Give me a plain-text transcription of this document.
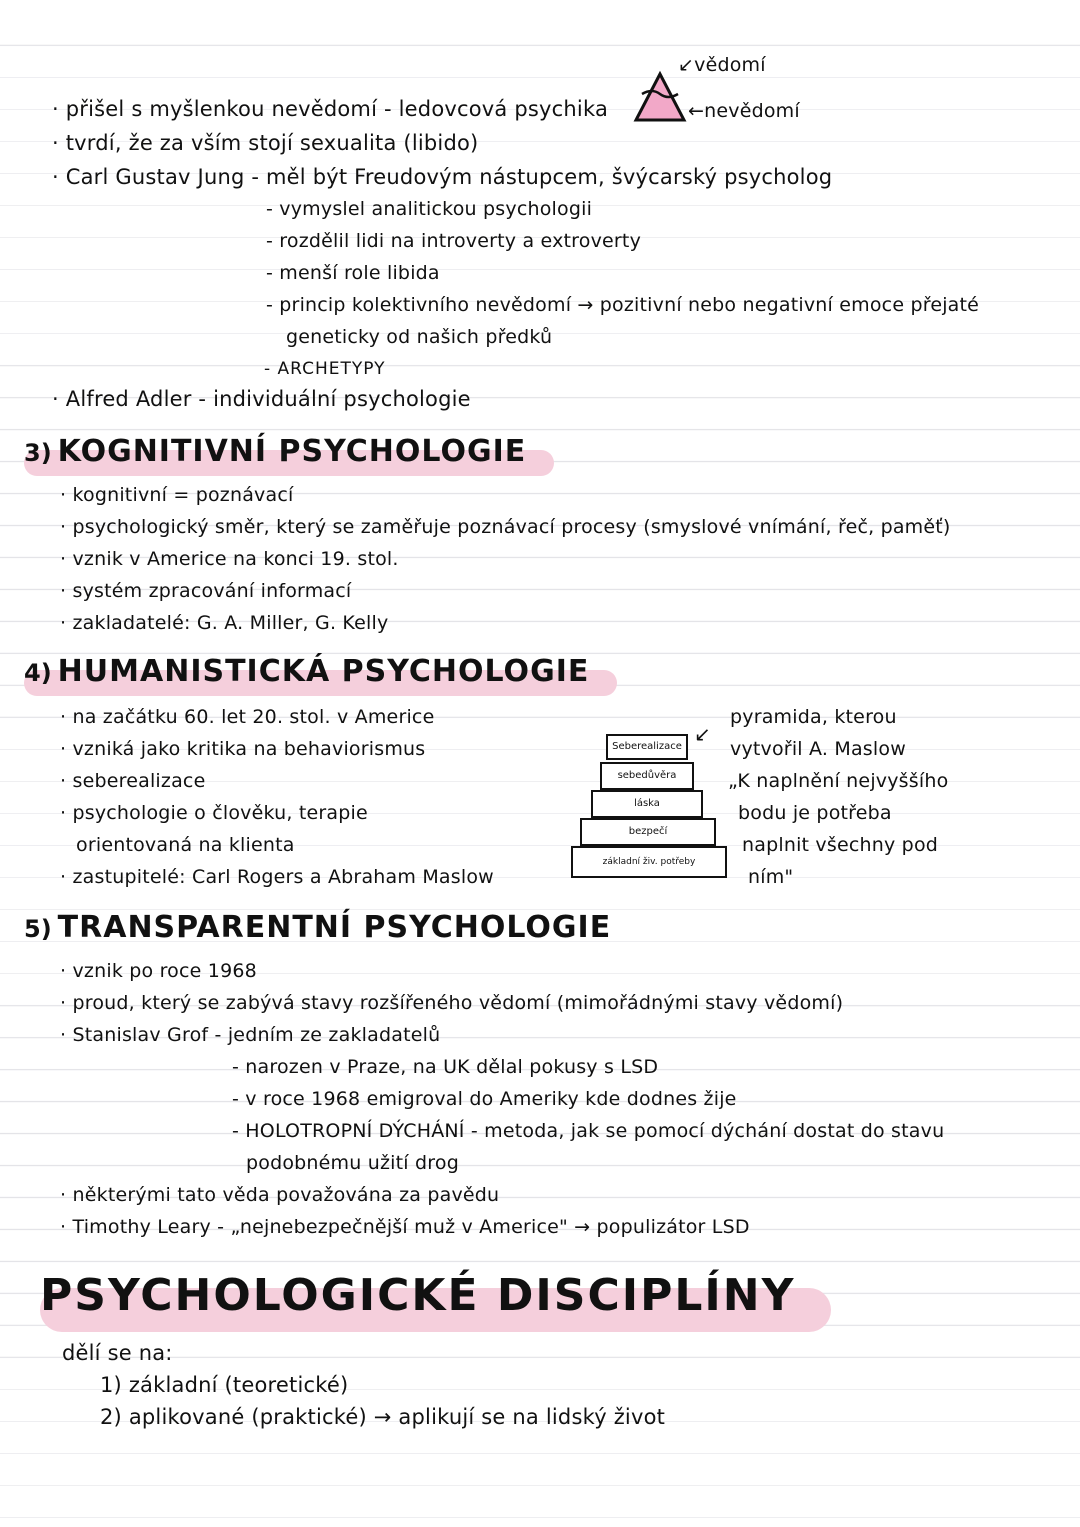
· přišel s myšlenkou nevědomí - ledovcová psychika
· tvrdí, že za vším stojí sexualita (libido)
↙vědomí
←nevědomí
· Carl Gustav Jung - měl být Freudovým nástupcem, švýcarský psycholog
- vymyslel analitickou psychologii
- rozdělil lidi na introverty a extroverty
- menší role libida
- princip kolektivního nevědomí → pozitivní nebo negativní emoce přejaté
geneticky od našich předků
- ARCHETYPY
· Alfred Adler - individuální psychologie
3) KOGNITIVNÍ PSYCHOLOGIE
· kognitivní = poznávací
· psychologický směr, který se zaměřuje poznávací procesy (smyslové vnímání, řeč, paměť)
· vznik v Americe na konci 19. stol.
· systém zpracování informací
· zakladatelé: G. A. Miller, G. Kelly
4) HUMANISTICKÁ PSYCHOLOGIE
· na začátku 60. let 20. stol. v Americe
· vzniká jako kritika na behaviorismus
· seberealizace
· psychologie o člověku, terapie
orientovaná na klienta
· zastupitelé: Carl Rogers a Abraham Maslow
Seberealizace
sebedůvěra
láska
bezpečí
základní živ. potřeby
↙
pyramida, kterou
vytvořil A. Maslow
„K naplnění nejvyššího
bodu je potřeba
naplnit všechny pod
ním"
5) TRANSPARENTNÍ PSYCHOLOGIE
· vznik po roce 1968
· proud, který se zabývá stavy rozšířeného vědomí (mimořádnými stavy vědomí)
· Stanislav Grof - jedním ze zakladatelů
- narozen v Praze, na UK dělal pokusy s LSD
- v roce 1968 emigroval do Ameriky kde dodnes žije
- HOLOTROPNÍ DÝCHÁNÍ - metoda, jak se pomocí dýchání dostat do stavu
podobnému užití drog
· některými tato věda považována za pavědu
· Timothy Leary - „nejnebezpečnější muž v Americe" → populizátor LSD
PSYCHOLOGICKÉ DISCIPLÍNY
dělí se na:
1) základní (teoretické)
2) aplikované (praktické) → aplikují se na lidský život
